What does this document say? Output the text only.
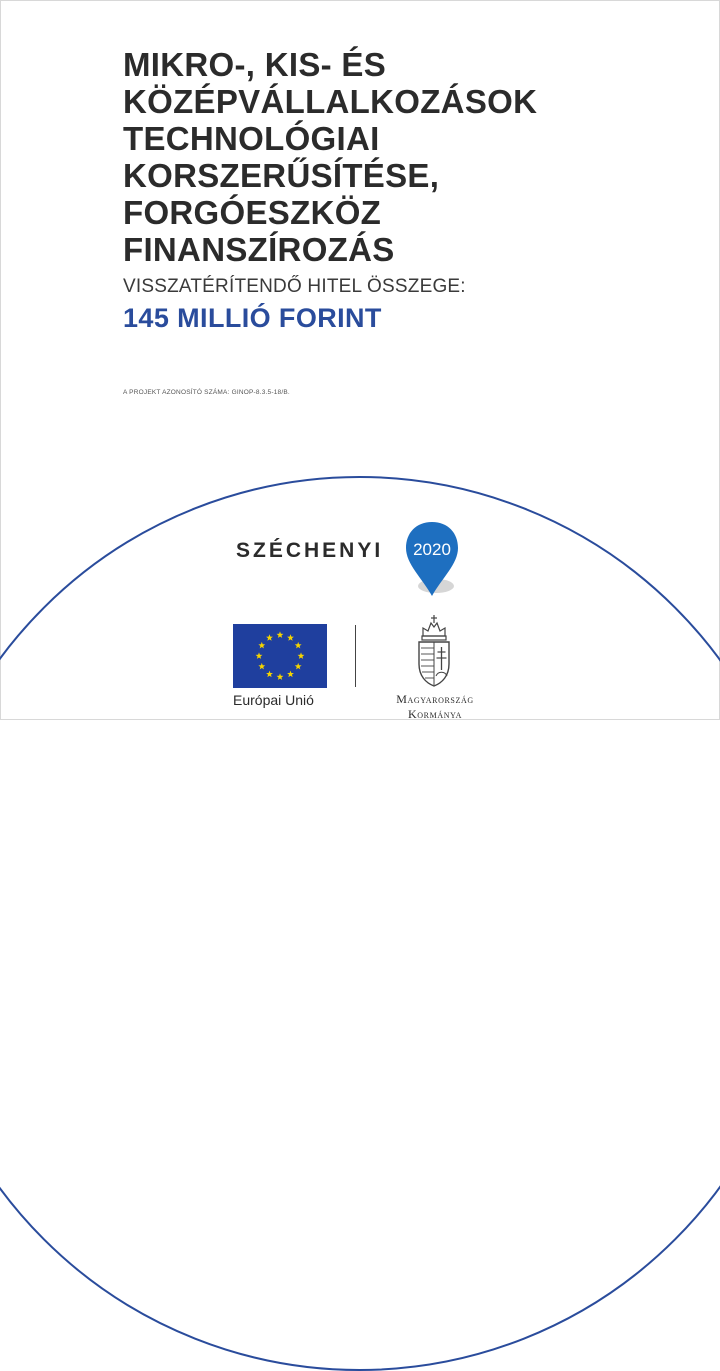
MIKRO-, KIS- ÉS
KÖZÉPVÁLLALKOZÁSOK
TECHNOLÓGIAI
KORSZERŰSÍTÉSE,
FORGÓESZKÖZ
FINANSZÍROZÁS
VISSZATÉRÍTENDŐ HITEL ÖSSZEGE:
145 MILLIÓ FORINT
A PROJEKT AZONOSÍTÓ SZÁMA: GINOP-8.3.5-18/B.
SZÉCHENYI 2020
Európai Unió	Magyarország
Kormánya
